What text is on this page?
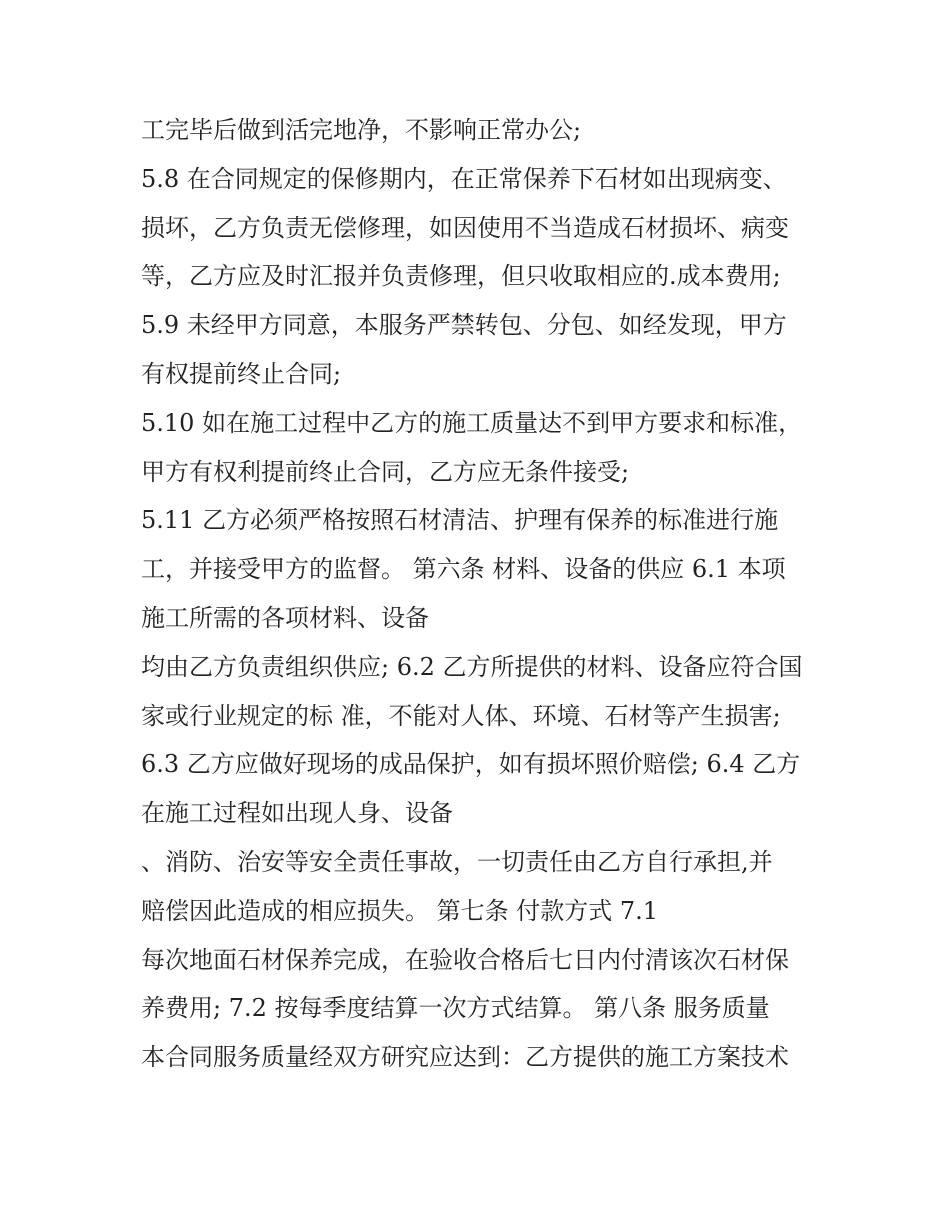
工完毕后做到活完地净，不影响正常办公;
5.8 在合同规定的保修期内，在正常保养下石材如出现病变、
损坏，乙方负责无偿修理，如因使用不当造成石材损坏、病变
等，乙方应及时汇报并负责修理，但只收取相应的.成本费用;
5.9 未经甲方同意，本服务严禁转包、分包、如经发现，甲方
有权提前终止合同;
5.10 如在施工过程中乙方的施工质量达不到甲方要求和标准，
甲方有权利提前终止合同，乙方应无条件接受;
5.11 乙方必须严格按照石材清洁、护理有保养的标准进行施
工，并接受甲方的监督。 第六条 材料、设备的供应 6.1 本项
施工所需的各项材料、设备
均由乙方负责组织供应; 6.2 乙方所提供的材料、设备应符合国
家或行业规定的标 准，不能对人体、环境、石材等产生损害;
6.3 乙方应做好现场的成品保护，如有损坏照价赔偿; 6.4 乙方
在施工过程如出现人身、设备
、消防、治安等安全责任事故，一切责任由乙方自行承担,并
赔偿因此造成的相应损失。 第七条 付款方式 7.1
每次地面石材保养完成，在验收合格后七日内付清该次石材保
养费用; 7.2 按每季度结算一次方式结算。 第八条 服务质量
本合同服务质量经双方研究应达到：乙方提供的施工方案技术
